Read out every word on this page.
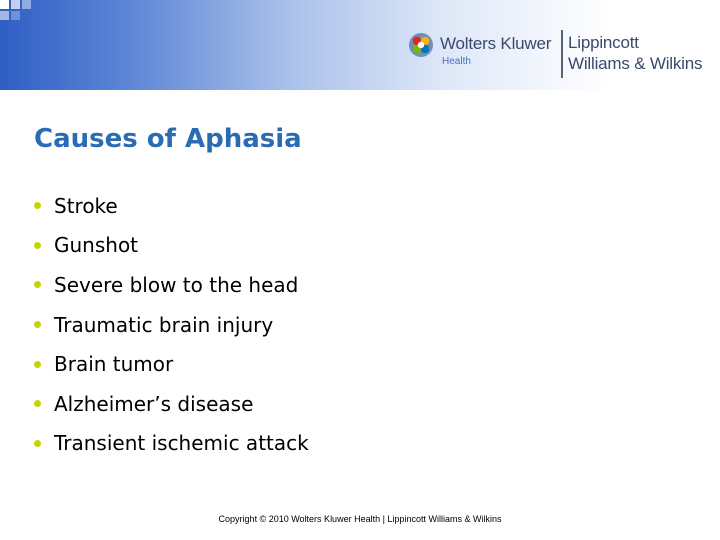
Wolters Kluwer
Health
Lippincott
Williams & Wilkins
Causes of Aphasia
Stroke
Gunshot
Severe blow to the head
Traumatic brain injury
Brain tumor
Alzheimer’s disease
Transient ischemic attack
Copyright © 2010 Wolters Kluwer Health | Lippincott Williams & Wilkins
